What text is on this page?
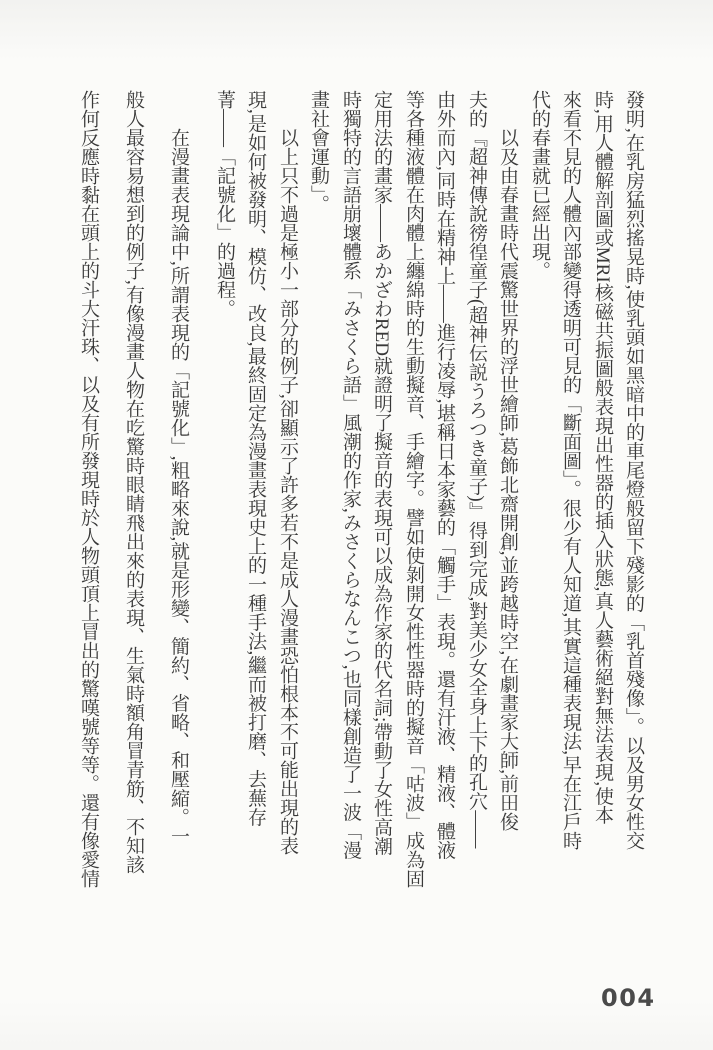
發明,在乳房猛烈搖晃時,使乳頭如黑暗中的車尾燈般留下殘影的「乳首殘像」。以及男女性交
時,用人體解剖圖或MRI核磁共振圖般表現出性器的插入狀態,真人藝術絕對無法表現,使本
來看不見的人體內部變得透明可見的「斷面圖」。很少有人知道,其實這種表現法,早在江戶時
代的春畫就已經出現。
　　以及由春畫時代震驚世界的浮世繪師,葛飾北齋開創,並跨越時空,在劇畫家大師,前田俊
夫的『超神傳說徬徨童子(超神伝説うろつき童子)』得到完成,對美少女全身上下的孔穴——
由外而內,同時在精神上——進行凌辱,堪稱日本家藝的「觸手」表現。還有汗液、精液、體液
等各種液體在肉體上纏綿時的生動擬音、手繪字。譬如使剝開女性性器時的擬音「咕波」成為固
定用法的畫家——あかざわRED就證明了擬音的表現可以成為作家的代名詞;帶動了女性高潮
時獨特的言語崩壞體系「みさくら語」風潮的作家,みさくらなんこつ,也同樣創造了一波「漫
畫社會運動」。
　　以上只不過是極小一部分的例子,卻顯示了許多若不是成人漫畫恐怕根本不可能出現的表
現,是如何被發明、模仿、改良,最終固定為漫畫表現史上的一種手法,繼而被打磨、去蕪存
菁——「記號化」的過程。
　　在漫畫表現論中,所謂表現的「記號化」,粗略來說,就是形變、簡約、省略、和壓縮。一
般人最容易想到的例子,有像漫畫人物在吃驚時眼睛飛出來的表現、生氣時額角冒青筋、不知該
作何反應時黏在頭上的斗大汗珠、以及有所發現時於人物頭頂上冒出的驚嘆號等等。還有像愛情
004
